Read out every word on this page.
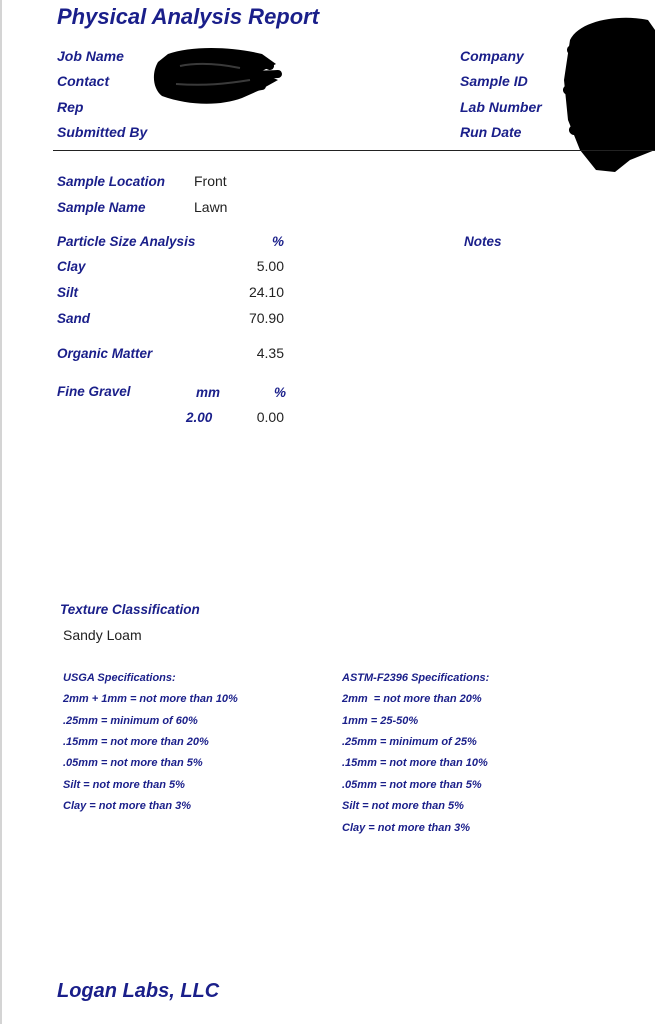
Physical Analysis Report
Job Name
Contact
Rep
Submitted By
Company
Sample ID
Lab Number
Run Date
Sample Location Front
Sample Name	Lawn
Particle Size Analysis	%	Notes
Clay	5.00
Silt	24.10
Sand	70.90
Organic Matter	4.35
Fine Gravel	mm	%
2.00	0.00
Texture Classification
Sandy Loam
USGA Specifications:
2mm + 1mm = not more than 10%
.25mm = minimum of 60%
.15mm = not more than 20%
.05mm = not more than 5%
Silt = not more than 5%
Clay = not more than 3%
ASTM-F2396 Specifications:
2mm  = not more than 20%
1mm = 25-50%
.25mm = minimum of 25%
.15mm = not more than 10%
.05mm = not more than 5%
Silt = not more than 5%
Clay = not more than 3%
Logan Labs, LLC
